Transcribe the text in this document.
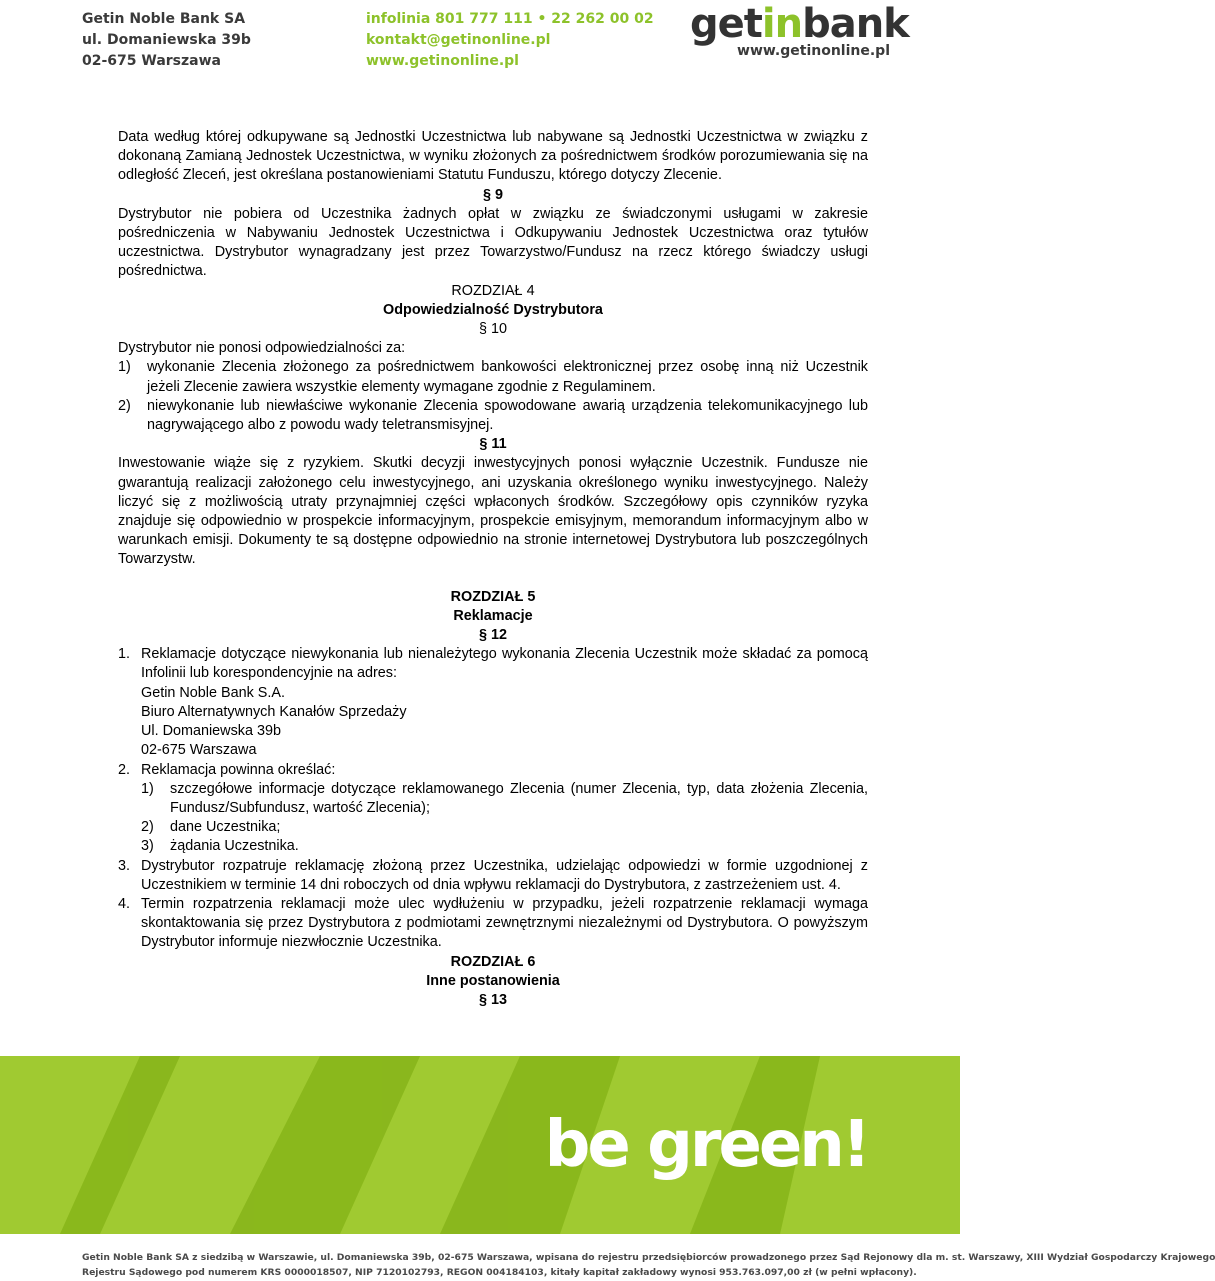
Getin Noble Bank SA
ul. Domaniewska 39b
02-675 Warszawa
infolinia 801 777 111 • 22 262 00 02
kontakt@getinonline.pl
www.getinonline.pl
getinbank
www.getinonline.pl

Data według której odkupywane są Jednostki Uczestnictwa lub nabywane są Jednostki Uczestnictwa w związku z dokonaną Zamianą Jednostek Uczestnictwa, w wyniku złożonych za pośrednictwem środków porozumiewania się na odległość Zleceń, jest określana postanowieniami Statutu Funduszu, którego dotyczy Zlecenie.

§ 9

Dystrybutor nie pobiera od Uczestnika żadnych opłat w związku ze świadczonymi usługami w zakresie pośredniczenia w Nabywaniu Jednostek Uczestnictwa i Odkupywaniu Jednostek Uczestnictwa oraz tytułów uczestnictwa. Dystrybutor wynagradzany jest przez Towarzystwo/Fundusz na rzecz którego świadczy usługi pośrednictwa.

ROZDZIAŁ 4

Odpowiedzialność Dystrybutora

§ 10

Dystrybutor nie ponosi odpowiedzialności za:

1) wykonanie Zlecenia złożonego za pośrednictwem bankowości elektronicznej przez osobę inną niż Uczestnik jeżeli Zlecenie zawiera wszystkie elementy wymagane zgodnie z Regulaminem.
2) niewykonanie lub niewłaściwe wykonanie Zlecenia spowodowane awarią urządzenia telekomunikacyjnego lub nagrywającego albo z powodu wady teletransmisyjnej.

§ 11

Inwestowanie wiąże się z ryzykiem. Skutki decyzji inwestycyjnych ponosi wyłącznie Uczestnik. Fundusze nie gwarantują realizacji założonego celu inwestycyjnego, ani uzyskania określonego wyniku inwestycyjnego. Należy liczyć się z możliwością utraty przynajmniej części wpłaconych środków. Szczegółowy opis czynników ryzyka znajduje się odpowiednio w prospekcie informacyjnym, prospekcie emisyjnym, memorandum informacyjnym albo w warunkach emisji. Dokumenty te są dostępne odpowiednio na stronie internetowej Dystrybutora lub poszczególnych Towarzystw.

ROZDZIAŁ 5

Reklamacje

§ 12

1. Reklamacje dotyczące niewykonania lub nienależytego wykonania Zlecenia Uczestnik może składać za pomocą Infolinii lub korespondencyjnie na adres:
Getin Noble Bank S.A.
Biuro Alternatywnych Kanałów Sprzedaży
Ul. Domaniewska 39b
02-675 Warszawa
2. Reklamacja powinna określać:
1) szczegółowe informacje dotyczące reklamowanego Zlecenia (numer Zlecenia, typ, data złożenia Zlecenia, Fundusz/Subfundusz, wartość Zlecenia);
2) dane Uczestnika;
3) żądania Uczestnika.
3. Dystrybutor rozpatruje reklamację złożoną przez Uczestnika, udzielając odpowiedzi w formie uzgodnionej z Uczestnikiem w terminie 14 dni roboczych od dnia wpływu reklamacji do Dystrybutora, z zastrzeżeniem ust. 4.
4. Termin rozpatrzenia reklamacji może ulec wydłużeniu w przypadku, jeżeli rozpatrzenie reklamacji wymaga skontaktowania się przez Dystrybutora z podmiotami zewnętrznymi niezależnymi od Dystrybutora. O powyższym Dystrybutor informuje niezwłocznie Uczestnika.

ROZDZIAŁ 6

Inne postanowienia

§ 13

be green!
Getin Noble Bank SA z siedzibą w Warszawie, ul. Domaniewska 39b, 02-675 Warszawa, wpisana do rejestru przedsiębiorców prowadzonego przez Sąd Rejonowy dla m. st. Warszawy, XIII Wydział Gospodarczy Krajowego
Rejestru Sądowego pod numerem KRS 0000018507, NIP 7120102793, REGON 004184103, kitały kapitał zakładowy wynosi 953.763.097,00 zł (w pełni wpłacony).
